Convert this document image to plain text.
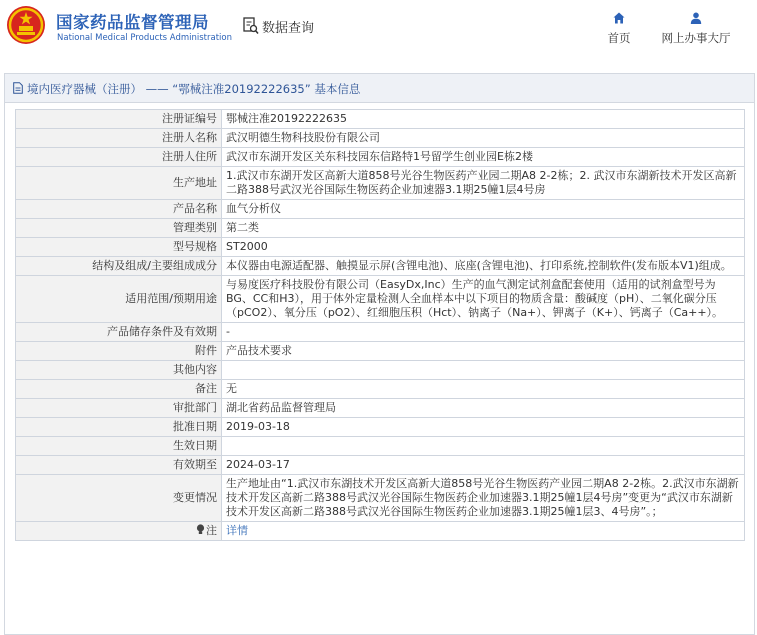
国家药品监督管理局
National Medical Products Administration
数据查询
首页	网上办事大厅
境内医疗器械（注册） —— “鄂械注准20192222635” 基本信息
注册证编号	鄂械注准20192222635
注册人名称	武汉明德生物科技股份有限公司
注册人住所	武汉市东湖开发区关东科技园东信路特1号留学生创业园E栋2楼
生产地址	1.武汉市东湖开发区高新大道858号光谷生物医药产业园二期A8 2-2栋；2. 武汉市东湖新技术开发区高新二路388号武汉光谷国际生物医药企业加速器3.1期25幢1层4号房
产品名称	血气分析仪
管理类别	第二类
型号规格	ST2000
结构及组成/主要组成成分	本仪器由电源适配器、触摸显示屏(含锂电池)、底座(含锂电池)、打印系统,控制软件(发布版本V1)组成。
适用范围/预期用途	与易度医疗科技股份有限公司（EasyDx,Inc）生产的血气测定试剂盒配套使用（适用的试剂盒型号为BG、CC和H3），用于体外定量检测人全血样本中以下项目的物质含量：酸碱度（pH）、二氧化碳分压（pCO2）、氧分压（pO2）、红细胞压积（Hct）、钠离子（Na+）、钾离子（K+）、钙离子（Ca++）。
产品储存条件及有效期	-
附件	产品技术要求
其他内容	
备注	无
审批部门	湖北省药品监督管理局
批准日期	2019-03-18
生效日期	
有效期至	2024-03-17
变更情况	生产地址由“1.武汉市东湖技术开发区高新大道858号光谷生物医药产业园二期A8 2-2栋。2.武汉市东湖新技术开发区高新二路388号武汉光谷国际生物医药企业加速器3.1期25幢1层4号房”变更为“武汉市东湖新技术开发区高新二路388号武汉光谷国际生物医药企业加速器3.1期25幢1层3、4号房”。；
注	详情
